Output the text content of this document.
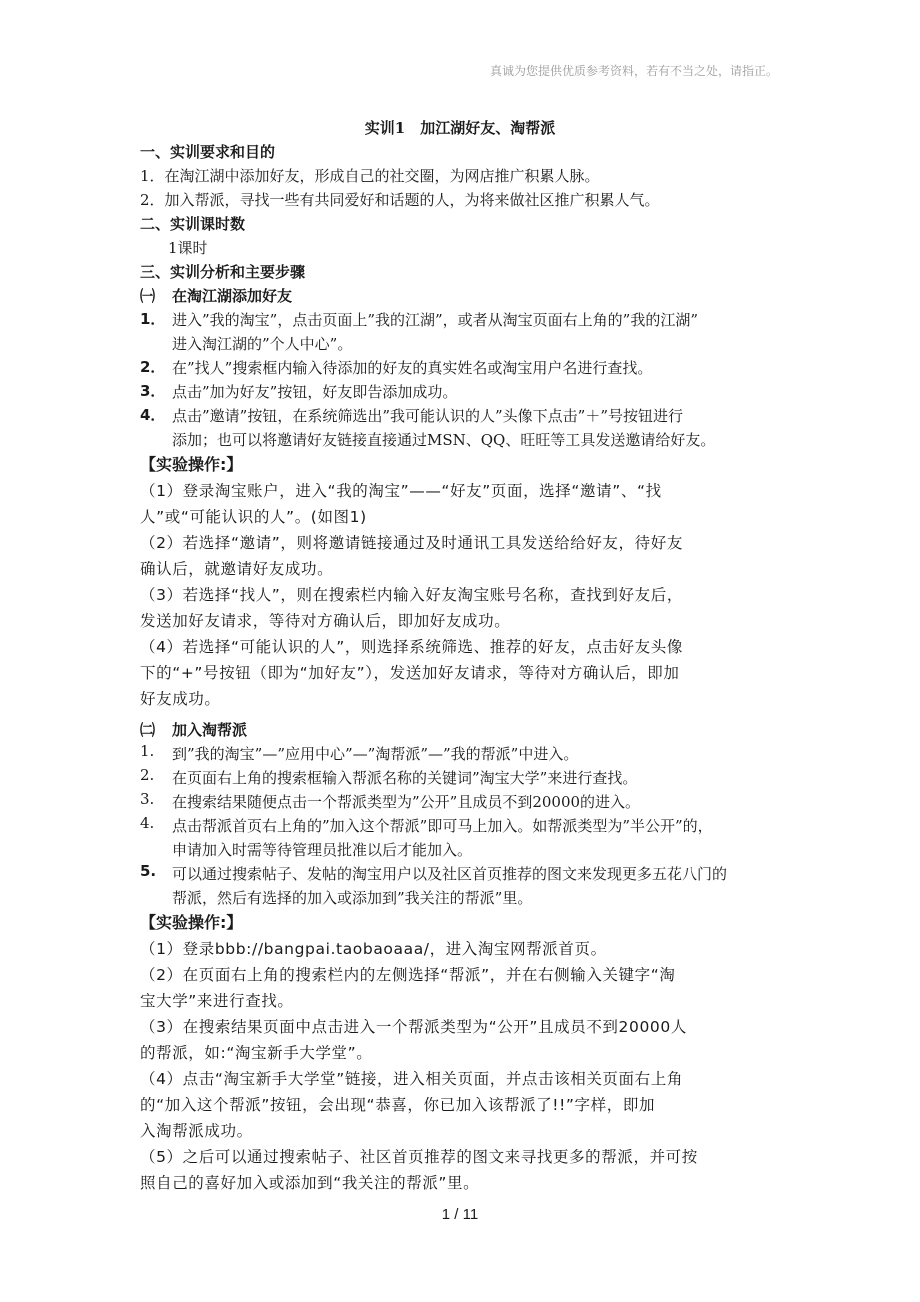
真诚为您提供优质参考资料，若有不当之处，请指正。
实训1　加江湖好友、淘帮派
一、实训要求和目的
1．在淘江湖中添加好友，形成自己的社交圈，为网店推广积累人脉。
2．加入帮派，寻找一些有共同爱好和话题的人，为将来做社区推广积累人气。
二、实训课时数
1课时
三、实训分析和主要步骤
㈠	在淘江湖添加好友
1． 进入”我的淘宝”，点击页面上”我的江湖”，或者从淘宝页面右上角的”我的江湖”
进入淘江湖的”个人中心”。
2． 在”找人”搜索框内输入待添加的好友的真实姓名或淘宝用户名进行查找。
3． 点击”加为好友”按钮，好友即告添加成功。
4． 点击”邀请”按钮，在系统筛选出”我可能认识的人”头像下点击”＋”号按钮进行
添加；也可以将邀请好友链接直接通过MSN、QQ、旺旺等工具发送邀请给好友。
【实验操作:】
（1）登录淘宝账户，进入“我的淘宝”——“好友”页面，选择“邀请”、“找
人”或“可能认识的人”。(如图1)
（2）若选择“邀请”，则将邀请链接通过及时通讯工具发送给给好友，待好友
确认后，就邀请好友成功。
（3）若选择“找人”，则在搜索栏内输入好友淘宝账号名称，查找到好友后，
发送加好友请求，等待对方确认后，即加好友成功。
（4）若选择“可能认识的人”，则选择系统筛选、推荐的好友，点击好友头像
下的“+”号按钮（即为“加好友”），发送加好友请求，等待对方确认后，即加
好友成功。
㈡	加入淘帮派
1.	到”我的淘宝”—”应用中心”—”淘帮派”—”我的帮派”中进入。
2.	在页面右上角的搜索框输入帮派名称的关键词”淘宝大学”来进行查找。
3.	在搜索结果随便点击一个帮派类型为”公开”且成员不到20000的进入。
4.	点击帮派首页右上角的”加入这个帮派”即可马上加入。如帮派类型为”半公开”的，
申请加入时需等待管理员批准以后才能加入。
5.	可以通过搜索帖子、发帖的淘宝用户以及社区首页推荐的图文来发现更多五花八门的
帮派，然后有选择的加入或添加到”我关注的帮派”里。
【实验操作:】
（1）登录bbb://bangpai.taobaoaaa/，进入淘宝网帮派首页。
（2）在页面右上角的搜索栏内的左侧选择“帮派”，并在右侧输入关键字“淘
宝大学”来进行查找。
（3）在搜索结果页面中点击进入一个帮派类型为“公开”且成员不到20000人
的帮派，如:“淘宝新手大学堂”。
（4）点击“淘宝新手大学堂”链接，进入相关页面，并点击该相关页面右上角
的“加入这个帮派”按钮，会出现“恭喜，你已加入该帮派了!!”字样，即加
入淘帮派成功。
（5）之后可以通过搜索帖子、社区首页推荐的图文来寻找更多的帮派，并可按
照自己的喜好加入或添加到“我关注的帮派”里。
1 / 11
